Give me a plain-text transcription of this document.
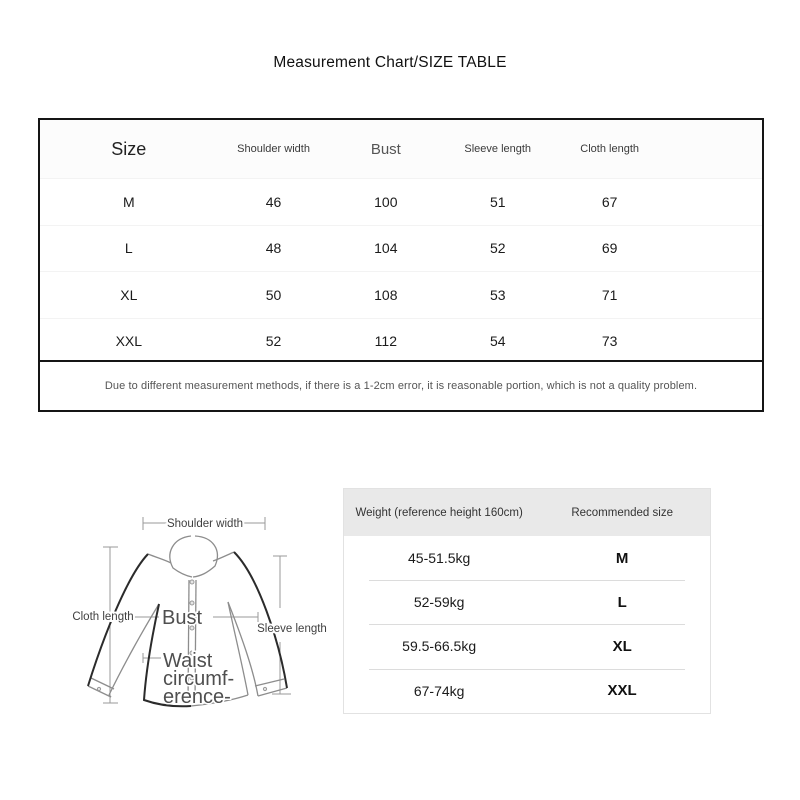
Measurement Chart/SIZE TABLE
Size	Shoulder width	Bust	Sleeve length	Cloth length
M	46	100	51	67
L	48	104	52	69
XL	50	108	53	71
XXL	52	112	54	73
Due to different measurement methods, if there is a 1-2cm error, it is reasonable portion, which is not a quality problem.
Shoulder width
Cloth length Bust	Sleeve length
Waist
circumf-
erence-
Weight (reference height 160cm)	Recommended size
45-51.5kg	M
52-59kg	L
59.5-66.5kg	XL
67-74kg	XXL
